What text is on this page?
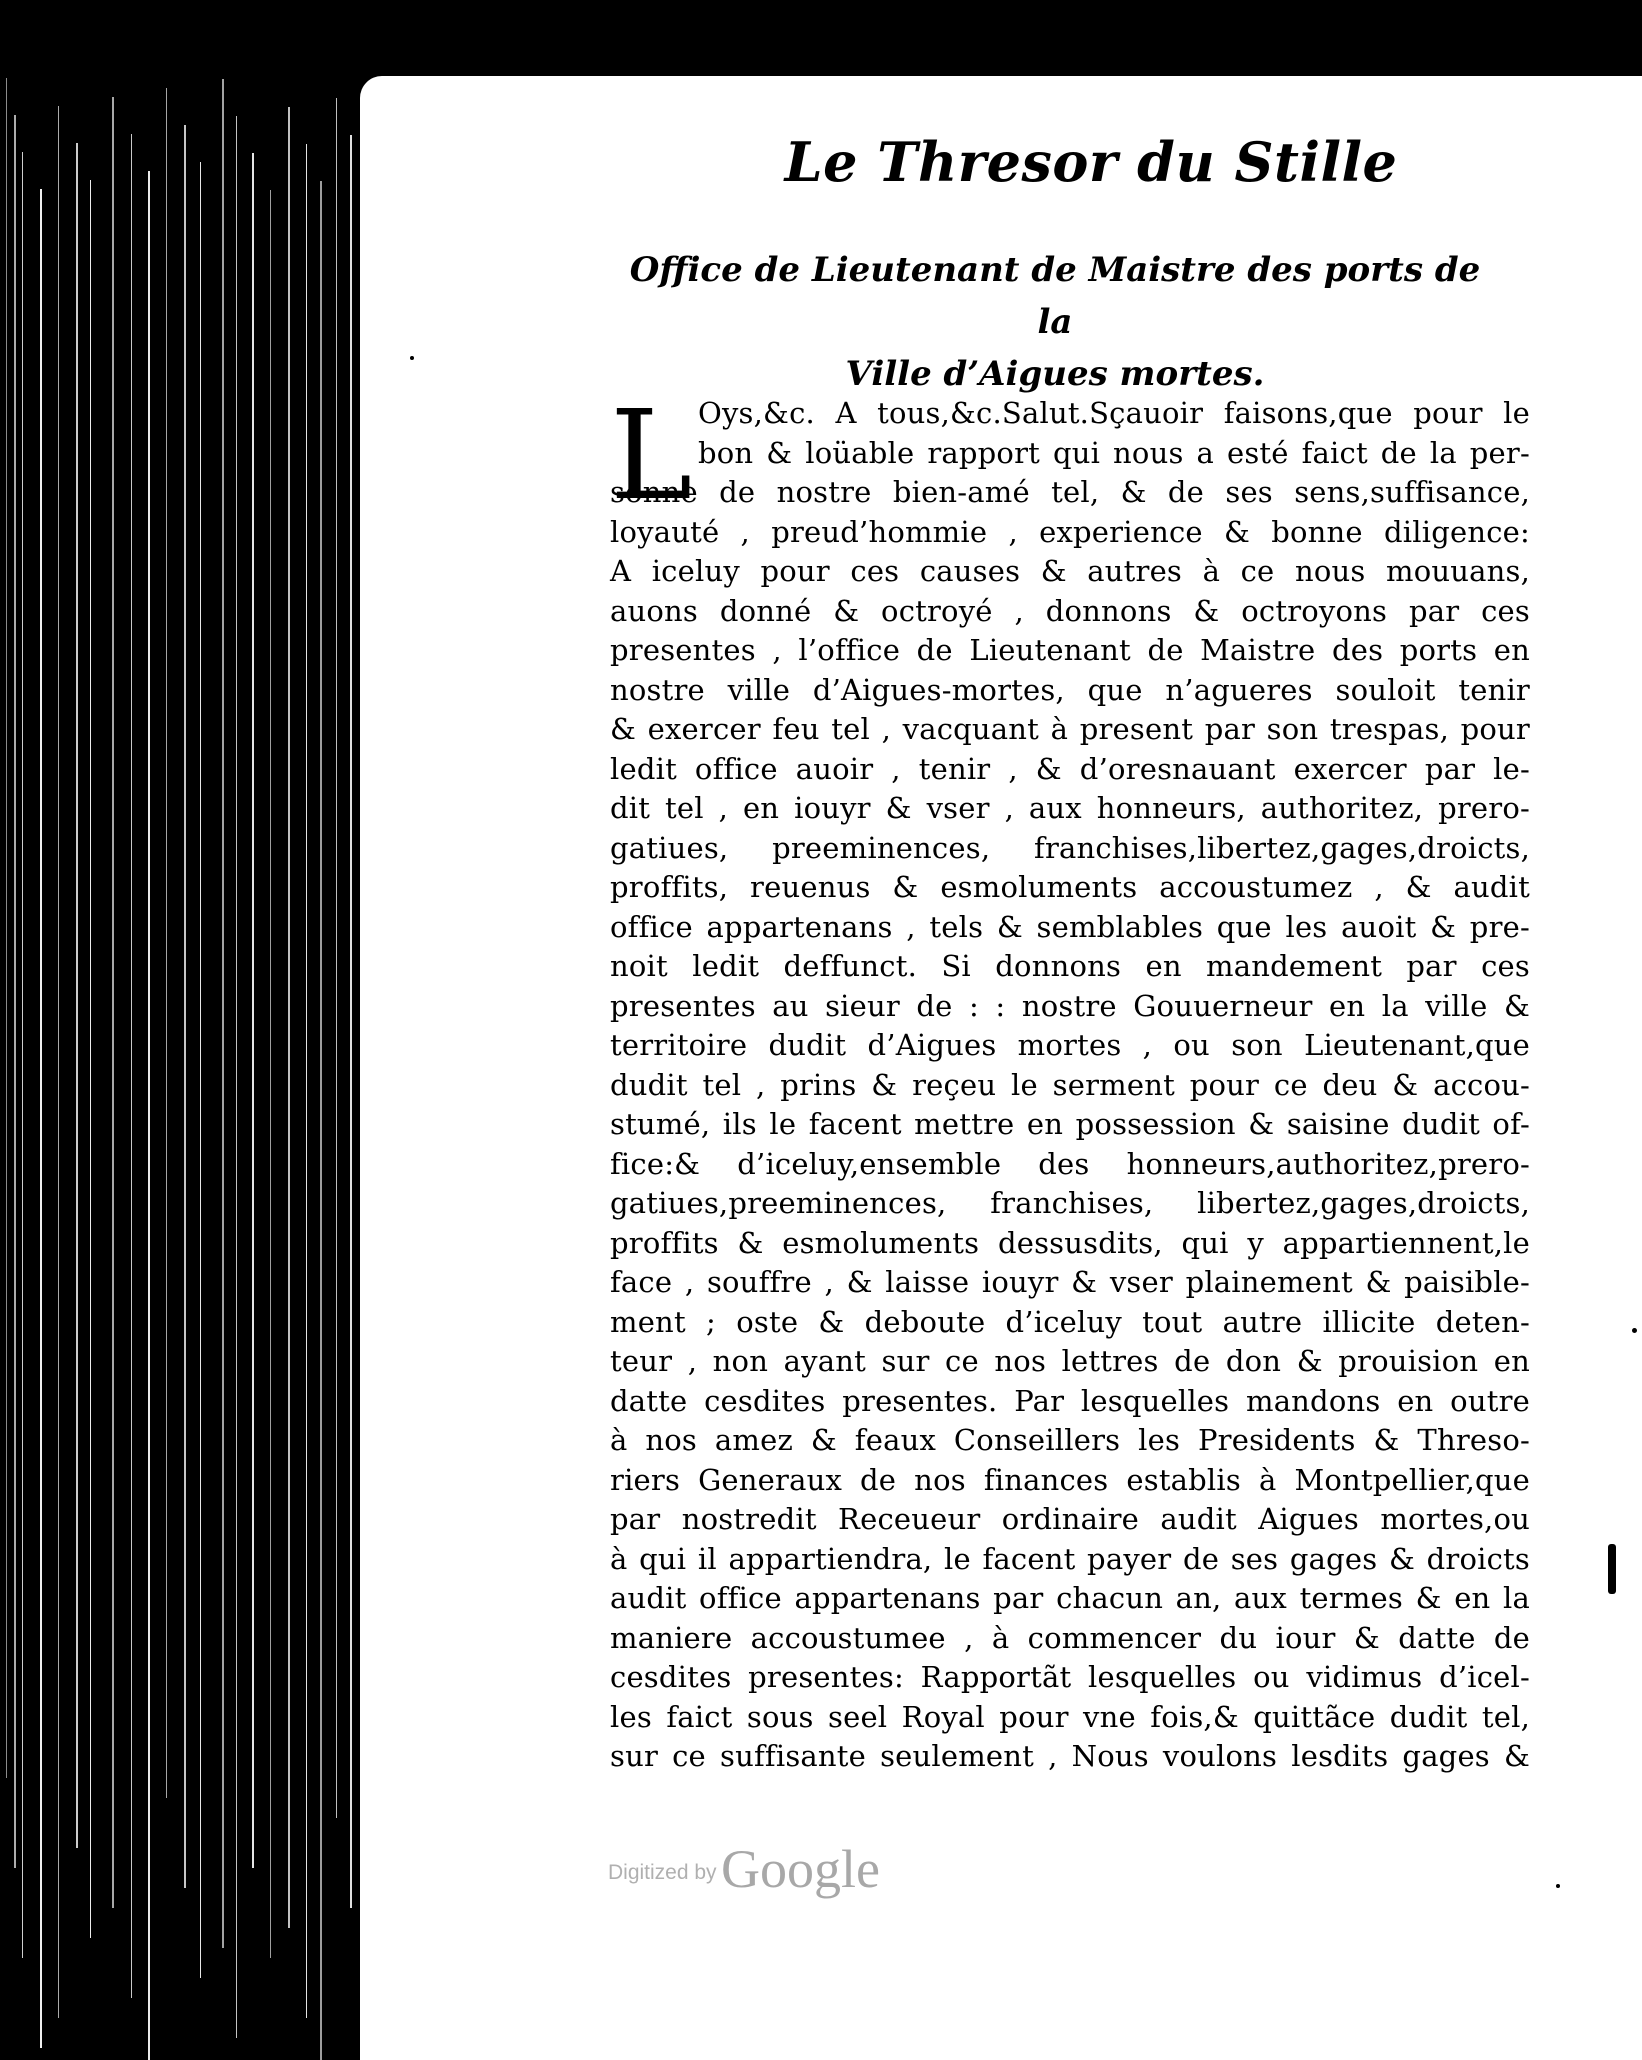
Le Thresor du Stille
Office de Lieutenant de Maistre des ports de la
Ville d’Aigues mortes.
L Oys,&c. A tous,&c.Salut.Sçauoir faisons,que pour le
bon & loüable rapport qui nous a esté faict de la per-
sonne de nostre bien-amé tel, & de ses sens,suffisance,
loyauté , preud’hommie , experience & bonne diligence:
A iceluy pour ces causes & autres à ce nous mouuans,
auons donné & octroyé , donnons & octroyons par ces
presentes , l’office de Lieutenant de Maistre des ports en
nostre ville d’Aigues-mortes, que n’agueres souloit tenir
& exercer feu tel , vacquant à present par son trespas, pour
ledit office auoir , tenir , & d’oresnauant exercer par le-
dit tel , en iouyr & vser , aux honneurs, authoritez, prero-
gatiues, preeminences, franchises,libertez,gages,droicts,
proffits, reuenus & esmoluments accoustumez , & audit
office appartenans , tels & semblables que les auoit & pre-
noit ledit deffunct. Si donnons en mandement par ces
presentes au sieur de : : nostre Gouuerneur en la ville &
territoire dudit d’Aigues mortes , ou son Lieutenant,que
dudit tel , prins & reçeu le serment pour ce deu & accou-
stumé, ils le facent mettre en possession & saisine dudit of-
fice:& d’iceluy,ensemble des honneurs,authoritez,prero-
gatiues,preeminences, franchises, libertez,gages,droicts,
proffits & esmoluments dessusdits, qui y appartiennent,le
face , souffre , & laisse iouyr & vser plainement & paisible-
ment ; oste & deboute d’iceluy tout autre illicite deten-
teur , non ayant sur ce nos lettres de don & prouision en
datte cesdites presentes. Par lesquelles mandons en outre
à nos amez & feaux Conseillers les Presidents & Threso-
riers Generaux de nos finances establis à Montpellier,que
par nostredit Receueur ordinaire audit Aigues mortes,ou
à qui il appartiendra, le facent payer de ses gages & droicts
audit office appartenans par chacun an, aux termes & en la
maniere accoustumee , à commencer du iour & datte de
cesdites presentes: Rapportãt lesquelles ou vidimus d’icel-
les faict sous seel Royal pour vne fois,& quittãce dudit tel,
sur ce suffisante seulement , Nous voulons lesdits gages &
Digitized by Google
